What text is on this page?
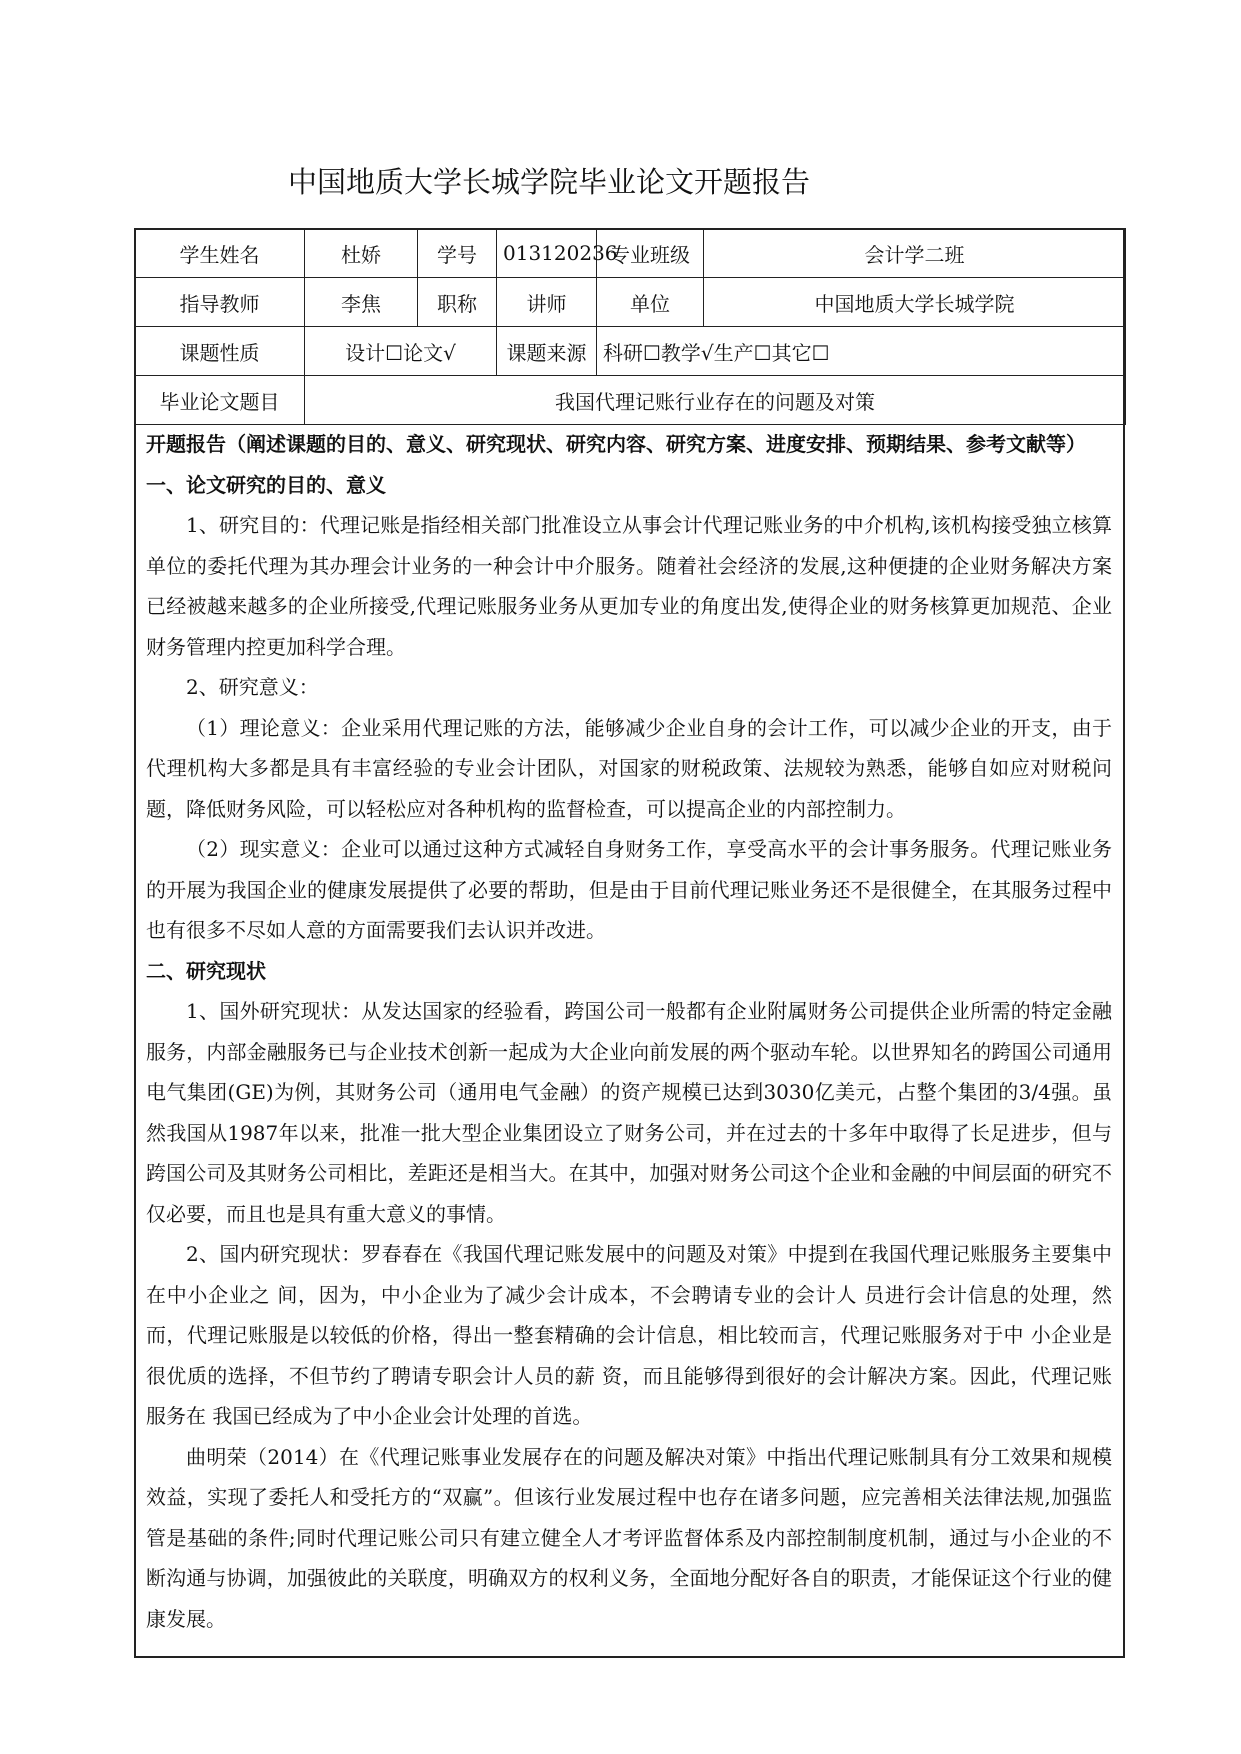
中国地质大学长城学院毕业论文开题报告
学生姓名	杜娇	学号	013120236	专业班级	会计学二班
指导教师	李焦	职称	讲师	单位	中国地质大学长城学院
课题性质	设计☐论文√		课题来源	科研☐教学√生产☐其它☐	
毕业论文题目	我国代理记账行业存在的问题及对策				

开题报告（阐述课题的目的、意义、研究现状、研究内容、研究方案、进度安排、预期结果、参考文献等）

一、论文研究的目的、意义

1、研究目的：代理记账是指经相关部门批准设立从事会计代理记账业务的中介机构,该机构接受独立核算单位的委托代理为其办理会计业务的一种会计中介服务。随着社会经济的发展,这种便捷的企业财务解决方案已经被越来越多的企业所接受,代理记账服务业务从更加专业的角度出发,使得企业的财务核算更加规范、企业财务管理内控更加科学合理。

2、研究意义：

（1）理论意义：企业采用代理记账的方法，能够减少企业自身的会计工作，可以减少企业的开支，由于代理机构大多都是具有丰富经验的专业会计团队，对国家的财税政策、法规较为熟悉，能够自如应对财税问题，降低财务风险，可以轻松应对各种机构的监督检查，可以提高企业的内部控制力。

（2）现实意义：企业可以通过这种方式减轻自身财务工作，享受高水平的会计事务服务。代理记账业务的开展为我国企业的健康发展提供了必要的帮助，但是由于目前代理记账业务还不是很健全，在其服务过程中也有很多不尽如人意的方面需要我们去认识并改进。

二、研究现状

1、国外研究现状：从发达国家的经验看，跨国公司一般都有企业附属财务公司提供企业所需的特定金融服务，内部金融服务已与企业技术创新一起成为大企业向前发展的两个驱动车轮。以世界知名的跨国公司通用电气集团(GE)为例，其财务公司（通用电气金融）的资产规模已达到3030亿美元，占整个集团的3/4强。虽然我国从1987年以来，批准一批大型企业集团设立了财务公司，并在过去的十多年中取得了长足进步，但与跨国公司及其财务公司相比，差距还是相当大。在其中，加强对财务公司这个企业和金融的中间层面的研究不仅必要，而且也是具有重大意义的事情。

2、国内研究现状：罗春春在《我国代理记账发展中的问题及对策》中提到在我国代理记账服务主要集中在中小企业之 间，因为，中小企业为了减少会计成本，不会聘请专业的会计人 员进行会计信息的处理，然而，代理记账服是以较低的价格，得出一整套精确的会计信息，相比较而言，代理记账服务对于中 小企业是很优质的选择，不但节约了聘请专职会计人员的薪 资，而且能够得到很好的会计解决方案。因此，代理记账服务在 我国已经成为了中小企业会计处理的首选。

曲明荣（2014）在《代理记账事业发展存在的问题及解决对策》中指出代理记账制具有分工效果和规模效益，实现了委托人和受托方的“双赢”。但该行业发展过程中也存在诸多问题，应完善相关法律法规,加强监管是基础的条件;同时代理记账公司只有建立健全人才考评监督体系及内部控制制度机制，通过与小企业的不断沟通与协调，加强彼此的关联度，明确双方的权利义务，全面地分配好各自的职责，才能保证这个行业的健康发展。
